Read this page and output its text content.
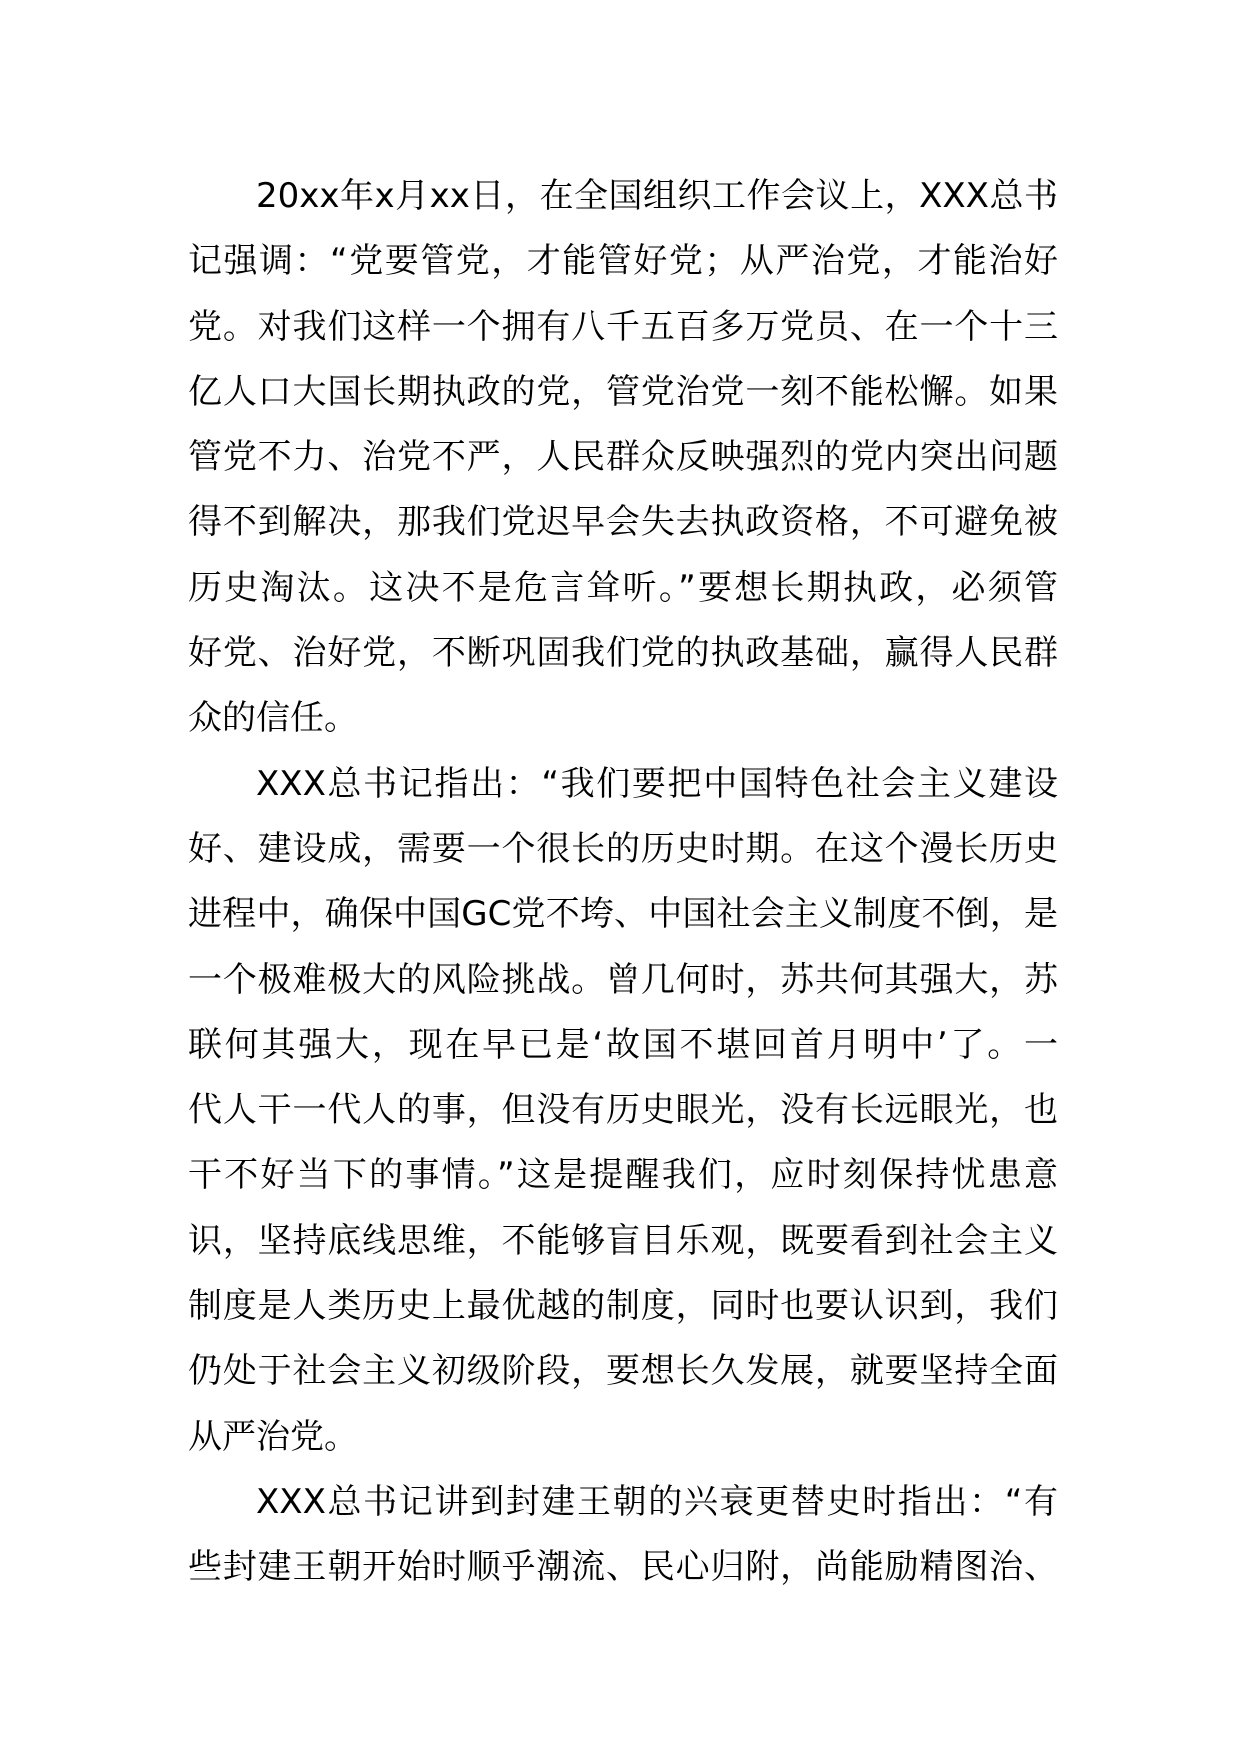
20xx年x月xx日，在全国组织工作会议上，XXX总书
记强调：“党要管党，才能管好党；从严治党，才能治好
党。对我们这样一个拥有八千五百多万党员、在一个十三
亿人口大国长期执政的党，管党治党一刻不能松懈。如果
管党不力、治党不严，人民群众反映强烈的党内突出问题
得不到解决，那我们党迟早会失去执政资格，不可避免被
历史淘汰。这决不是危言耸听。”要想长期执政，必须管
好党、治好党，不断巩固我们党的执政基础，赢得人民群
众的信任。
XXX总书记指出：“我们要把中国特色社会主义建设
好、建设成，需要一个很长的历史时期。在这个漫长历史
进程中，确保中国GC党不垮、中国社会主义制度不倒，是
一个极难极大的风险挑战。曾几何时，苏共何其强大，苏
联何其强大，现在早已是‘故国不堪回首月明中’了。一
代人干一代人的事，但没有历史眼光，没有长远眼光，也
干不好当下的事情。”这是提醒我们，应时刻保持忧患意
识，坚持底线思维，不能够盲目乐观，既要看到社会主义
制度是人类历史上最优越的制度，同时也要认识到，我们
仍处于社会主义初级阶段，要想长久发展，就要坚持全面
从严治党。
XXX总书记讲到封建王朝的兴衰更替史时指出：“有
些封建王朝开始时顺乎潮流、民心归附，尚能励精图治、
